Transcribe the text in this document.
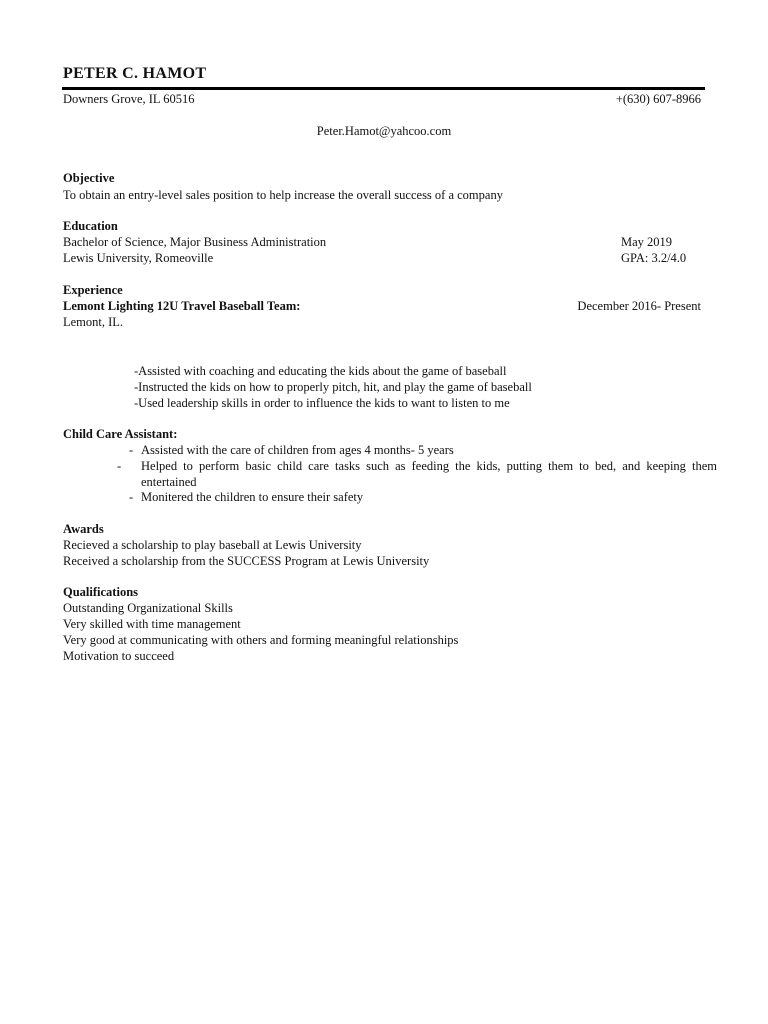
PETER C. HAMOT
Downers Grove, IL 60516	+(630) 607-8966
Peter.Hamot@yahcoo.com
Objective
To obtain an entry-level sales position to help increase the overall success of a company
Education
Bachelor of Science, Major Business Administration	May 2019
Lewis University, Romeoville	GPA: 3.2/4.0
Experience
Lemont Lighting 12U Travel Baseball Team:	December 2016- Present
Lemont, IL.
-Assisted with coaching and educating the kids about the game of baseball
-Instructed the kids on how to properly pitch, hit, and play the game of baseball
-Used leadership skills in order to influence the kids to want to listen to me
Child Care Assistant:
- Assisted with the care of children from ages 4 months- 5 years
- Helped to perform basic child care tasks such as feeding the kids, putting them to bed, and keeping them entertained
- Monitered the children to ensure their safety
Awards
Recieved a scholarship to play baseball at Lewis University
Received a scholarship from the SUCCESS Program at Lewis University
Qualifications
Outstanding Organizational Skills
Very skilled with time management
Very good at communicating with others and forming meaningful relationships
Motivation to succeed
